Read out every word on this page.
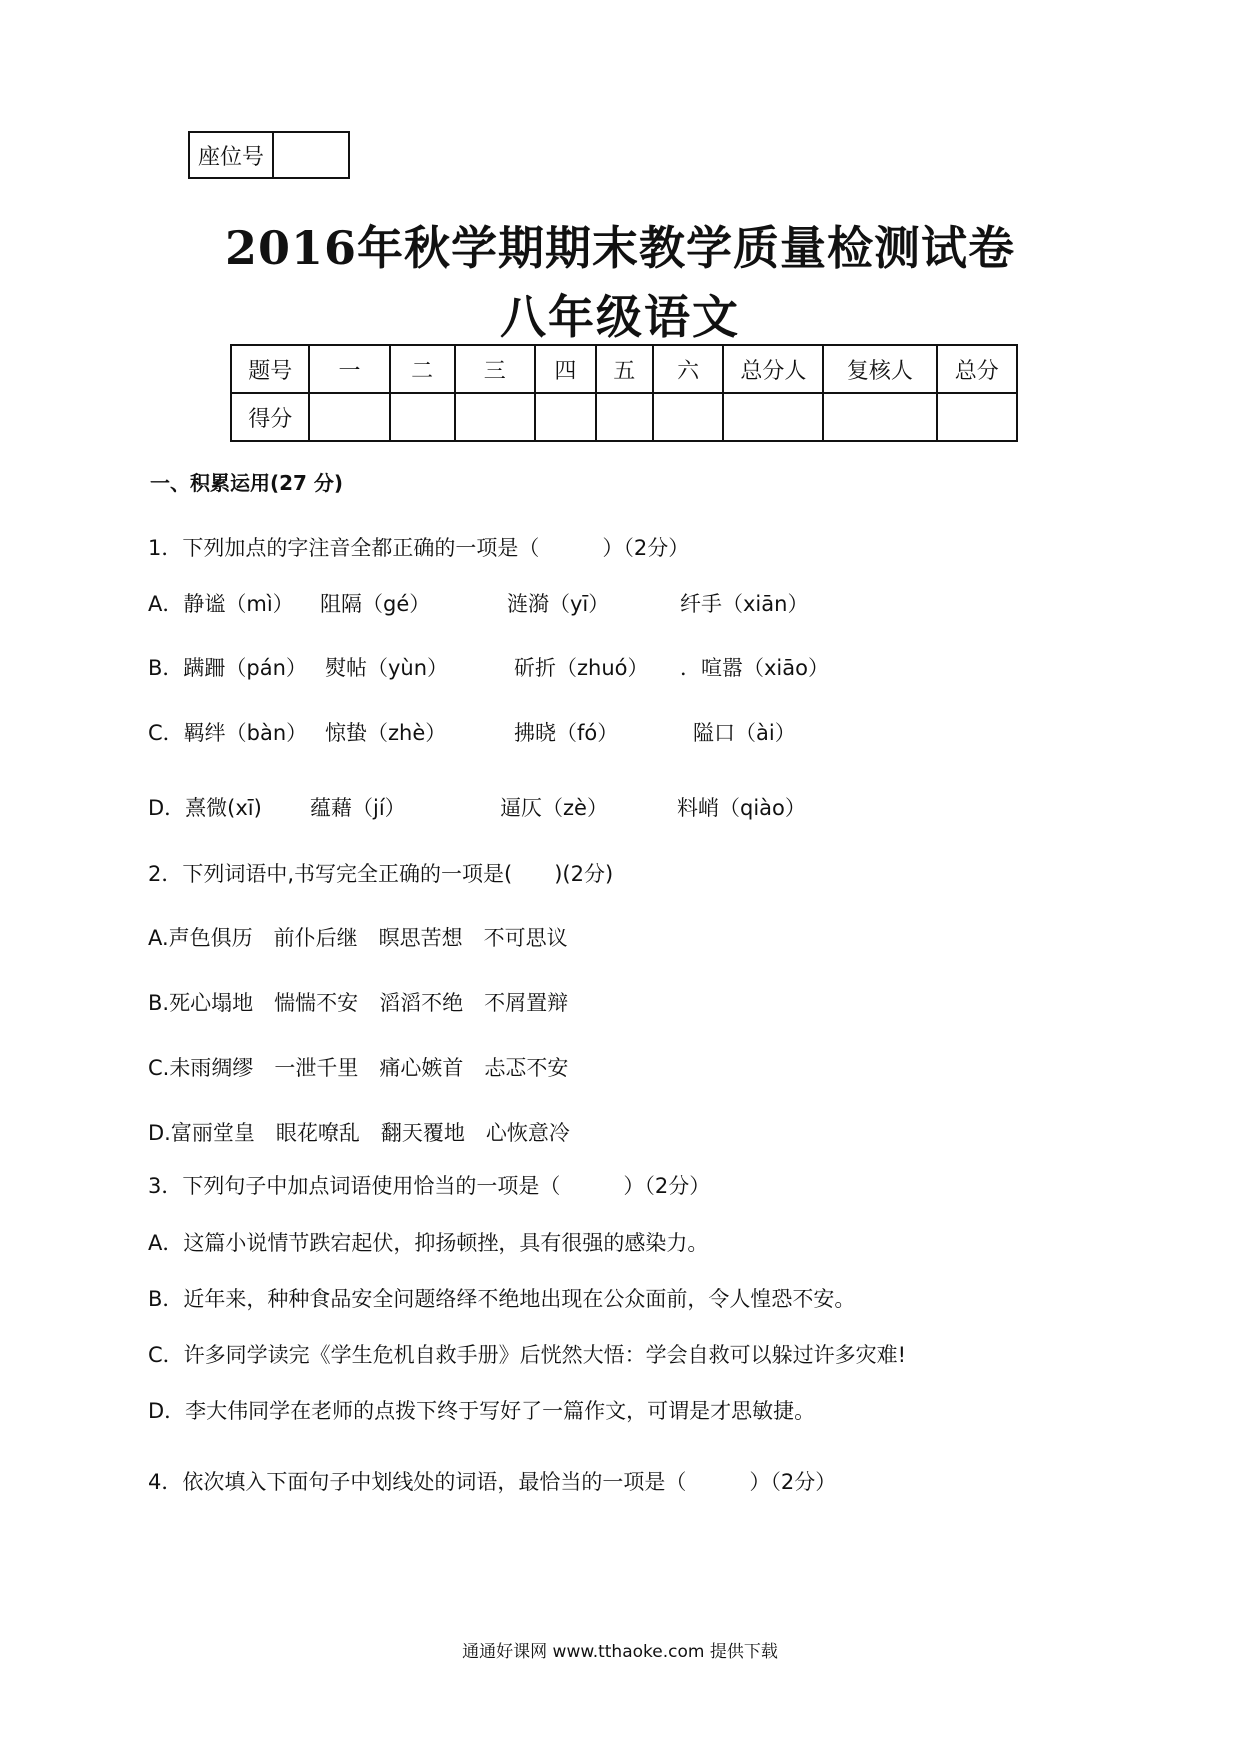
座位号
2016年秋学期期末教学质量检测试卷
八年级语文
题号	一	二	三	四	五	六	总分人	复核人	总分
得分									
一、积累运用(27 分)
1．下列加点的字注音全都正确的一项是（　　　）（2分）
A．静谧（mì） 阻隔（gé）	涟漪（yī）	纤手（xiān）
B．蹒跚（pán） 熨帖（yùn）	斫折（zhuó） ．喧嚣（xiāo）
C．羁绊（bàn） 惊蛰（zhè）	拂晓（fó）	隘口（ài）
D．熹微(xī) 蕴藉（jí）	逼仄（zè）	料峭（qiào）
2．下列词语中,书写完全正确的一项是(　　)(2分)
A.声色俱历　前仆后继　暝思苦想　不可思议
B.死心塌地　惴惴不安　滔滔不绝　不屑置辩
C.未雨绸缪　一泄千里　痛心嫉首　忐忑不安
D.富丽堂皇　眼花嘹乱　翻天覆地　心恢意冷
3．下列句子中加点词语使用恰当的一项是（　　　）（2分）
A．这篇小说情节跌宕起伏，抑扬顿挫，具有很强的感染力。
B．近年来，种种食品安全问题络绎不绝地出现在公众面前，令人惶恐不安。
C．许多同学读完《学生危机自救手册》后恍然大悟：学会自救可以躲过许多灾难!
D．李大伟同学在老师的点拨下终于写好了一篇作文，可谓是才思敏捷。
4．依次填入下面句子中划线处的词语，最恰当的一项是（　　　）（2分）
通通好课网 www.tthaoke.com 提供下载
